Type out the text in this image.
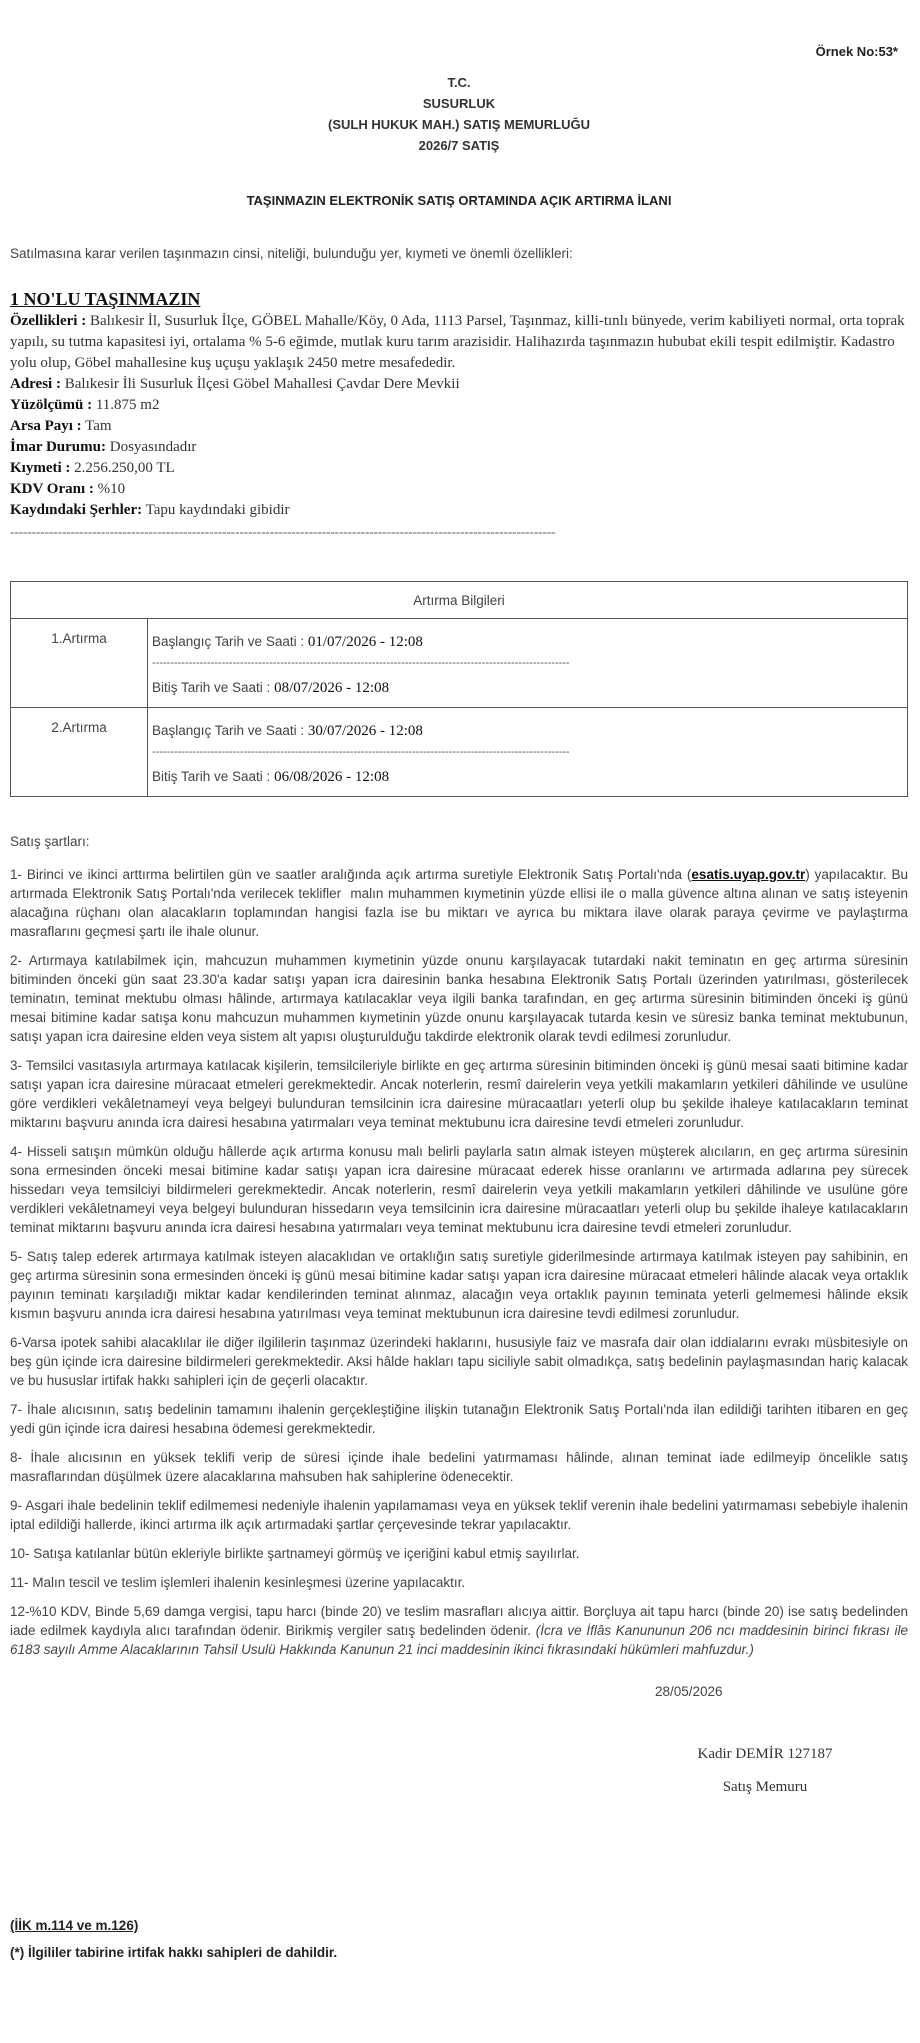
Örnek No:53*
T.C.
SUSURLUK
(SULH HUKUK MAH.) SATIŞ MEMURLUĞU
2026/7 SATIŞ
TAŞINMAZIN ELEKTRONİK SATIŞ ORTAMINDA AÇIK ARTIRMA İLANI
Satılmasına karar verilen taşınmazın cinsi, niteliği, bulunduğu yer, kıymeti ve önemli özellikleri:
1 NO'LU TAŞINMAZIN
Özellikleri : Balıkesir İl, Susurluk İlçe, GÖBEL Mahalle/Köy, 0 Ada, 1113 Parsel, Taşınmaz, killi-tınlı bünyede, verim kabiliyeti normal, orta toprak yapılı, su tutma kapasitesi iyi, ortalama % 5-6 eğimde, mutlak kuru tarım arazisidir. Halihazırda taşınmazın hububat ekili tespit edilmiştir. Kadastro yolu olup, Göbel mahallesine kuş uçuşu yaklaşık 2450 metre mesafededir.
Adresi : Balıkesir İli Susurluk İlçesi Göbel Mahallesi Çavdar Dere Mevkii
Yüzölçümü : 11.875 m2
Arsa Payı : Tam
İmar Durumu: Dosyasındadır
Kıymeti : 2.256.250,00 TL
KDV Oranı : %10
Kaydındaki Şerhler: Tapu kaydındaki gibidir
------------------------------------------------------------------------------------------------------------------------------
Artırma Bilgileri	
1.Artırma	Başlangıç Tarih ve Saati : 01/07/2026 - 12:08
------------------------------------------------------------------------------------------------------------------
Bitiş Tarih ve Saati : 08/07/2026 - 12:08

2.Artırma	Başlangıç Tarih ve Saati : 30/07/2026 - 12:08
------------------------------------------------------------------------------------------------------------------
Bitiş Tarih ve Saati : 06/08/2026 - 12:08

Satış şartları:

1- Birinci ve ikinci arttırma belirtilen gün ve saatler aralığında açık artırma suretiyle Elektronik Satış Portalı'nda (esatis.uyap.gov.tr) yapılacaktır. Bu artırmada Elektronik Satış Portalı'nda verilecek teklifler  malın muhammen kıymetinin yüzde ellisi ile o malla güvence altına alınan ve satış isteyenin alacağına rüçhanı olan alacakların toplamından hangisi fazla ise bu miktarı ve ayrıca bu miktara ilave olarak paraya çevirme ve paylaştırma masraflarını geçmesi şartı ile ihale olunur.

2- Artırmaya katılabilmek için, mahcuzun muhammen kıymetinin yüzde onunu karşılayacak tutardaki nakit teminatın en geç artırma süresinin bitiminden önceki gün saat 23.30'a kadar satışı yapan icra dairesinin banka hesabına Elektronik Satış Portalı üzerinden yatırılması, gösterilecek teminatın, teminat mektubu olması hâlinde, artırmaya katılacaklar veya ilgili banka tarafından, en geç artırma süresinin bitiminden önceki iş günü mesai bitimine kadar satışa konu mahcuzun muhammen kıymetinin yüzde onunu karşılayacak tutarda kesin ve süresiz banka teminat mektubunun, satışı yapan icra dairesine elden veya sistem alt yapısı oluşturulduğu takdirde elektronik olarak tevdi edilmesi zorunludur.

3- Temsilci vasıtasıyla artırmaya katılacak kişilerin, temsilcileriyle birlikte en geç artırma süresinin bitiminden önceki iş günü mesai saati bitimine kadar satışı yapan icra dairesine müracaat etmeleri gerekmektedir. Ancak noterlerin, resmî dairelerin veya yetkili makamların yetkileri dâhilinde ve usulüne göre verdikleri vekâletnameyi veya belgeyi bulunduran temsilcinin icra dairesine müracaatları yeterli olup bu şekilde ihaleye katılacakların teminat miktarını başvuru anında icra dairesi hesabına yatırmaları veya teminat mektubunu icra dairesine tevdi etmeleri zorunludur.

4- Hisseli satışın mümkün olduğu hâllerde açık artırma konusu malı belirli paylarla satın almak isteyen müşterek alıcıların, en geç artırma süresinin sona ermesinden önceki mesai bitimine kadar satışı yapan icra dairesine müracaat ederek hisse oranlarını ve artırmada adlarına pey sürecek hissedarı veya temsilciyi bildirmeleri gerekmektedir. Ancak noterlerin, resmî dairelerin veya yetkili makamların yetkileri dâhilinde ve usulüne göre verdikleri vekâletnameyi veya belgeyi bulunduran hissedarın veya temsilcinin icra dairesine müracaatları yeterli olup bu şekilde ihaleye katılacakların teminat miktarını başvuru anında icra dairesi hesabına yatırmaları veya teminat mektubunu icra dairesine tevdi etmeleri zorunludur.

5- Satış talep ederek artırmaya katılmak isteyen alacaklıdan ve ortaklığın satış suretiyle giderilmesinde artırmaya katılmak isteyen pay sahibinin, en geç artırma süresinin sona ermesinden önceki iş günü mesai bitimine kadar satışı yapan icra dairesine müracaat etmeleri hâlinde alacak veya ortaklık payının teminatı karşıladığı miktar kadar kendilerinden teminat alınmaz, alacağın veya ortaklık payının teminata yeterli gelmemesi hâlinde eksik kısmın başvuru anında icra dairesi hesabına yatırılması veya teminat mektubunun icra dairesine tevdi edilmesi zorunludur.

6-Varsa ipotek sahibi alacaklılar ile diğer ilgililerin taşınmaz üzerindeki haklarını, hususiyle faiz ve masrafa dair olan iddialarını evrakı müsbitesiyle on beş gün içinde icra dairesine bildirmeleri gerekmektedir. Aksi hâlde hakları tapu siciliyle sabit olmadıkça, satış bedelinin paylaşmasından hariç kalacak ve bu hususlar irtifak hakkı sahipleri için de geçerli olacaktır.

7- İhale alıcısının, satış bedelinin tamamını ihalenin gerçekleştiğine ilişkin tutanağın Elektronik Satış Portalı'nda ilan edildiği tarihten itibaren en geç yedi gün içinde icra dairesi hesabına ödemesi gerekmektedir.

8- İhale alıcısının en yüksek teklifi verip de süresi içinde ihale bedelini yatırmaması hâlinde, alınan teminat iade edilmeyip öncelikle satış masraflarından düşülmek üzere alacaklarına mahsuben hak sahiplerine ödenecektir.

9- Asgari ihale bedelinin teklif edilmemesi nedeniyle ihalenin yapılamaması veya en yüksek teklif verenin ihale bedelini yatırmaması sebebiyle ihalenin iptal edildiği hallerde, ikinci artırma ilk açık artırmadaki şartlar çerçevesinde tekrar yapılacaktır.

10- Satışa katılanlar bütün ekleriyle birlikte şartnameyi görmüş ve içeriğini kabul etmiş sayılırlar.

11- Malın tescil ve teslim işlemleri ihalenin kesinleşmesi üzerine yapılacaktır.

12-%10 KDV, Binde 5,69 damga vergisi, tapu harcı (binde 20) ve teslim masrafları alıcıya aittir. Borçluya ait tapu harcı (binde 20) ise satış bedelinden iade edilmek kaydıyla alıcı tarafından ödenir. Birikmiş vergiler satış bedelinden ödenir. (İcra ve İflâs Kanununun 206 ncı maddesinin birinci fıkrası ile 6183 sayılı Amme Alacaklarının Tahsil Usulü Hakkında Kanunun 21 inci maddesinin ikinci fıkrasındaki hükümleri mahfuzdur.)

28/05/2026
Kadir DEMİR 127187
Satış Memuru
(İİK m.114 ve m.126)
(*) İlgililer tabirine irtifak hakkı sahipleri de dahildir.
